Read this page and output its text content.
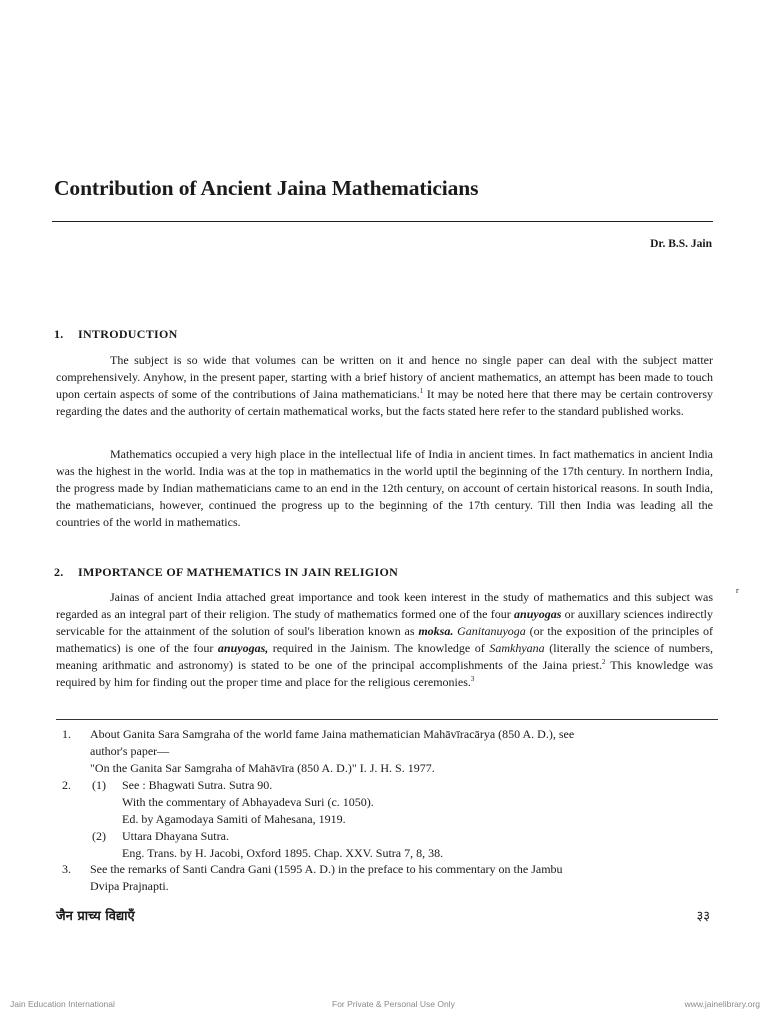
Contribution of Ancient Jaina Mathematicians
Dr. B.S. Jain
1. INTRODUCTION

The subject is so wide that volumes can be written on it and hence no single paper can deal with the subject matter comprehensively. Anyhow, in the present paper, starting with a brief history of ancient mathematics, an attempt has been made to touch upon certain aspects of some of the contributions of Jaina mathematicians.$^1$ It may be noted here that there may be certain controversy regarding the dates and the authority of certain mathematical works, but the facts stated here refer to the standard published works.

Mathematics occupied a very high place in the intellectual life of India in ancient times. In fact mathematics in ancient India was the highest in the world. India was at the top in mathematics in the world uptil the beginning of the 17th century. In northern India, the progress made by Indian mathematicians came to an end in the 12th century, on account of certain historical reasons. In south India, the mathematicians, however, continued the progress up to the beginning of the 17th century. Till then India was leading all the countries of the world in mathematics.

2. IMPORTANCE OF MATHEMATICS IN JAIN RELIGION

Jainas of ancient India attached great importance and took keen interest in the study of mathematics and this subject was regarded as an integral part of their religion. The study of mathematics formed one of the four anuyogas or auxillary sciences indirectly servicable for the attainment of the solution of soul's liberation known as moksa. Ganitanuyoga (or the exposition of the principles of mathematics) is one of the four anuyogas, required in the Jainism. The knowledge of Samkhyana (literally the science of numbers, meaning arithmatic and astronomy) is stated to be one of the principal accomplishments of the Jaina priest.$^2$ This knowledge was required by him for finding out the proper time and place for the religious ceremonies.$^3$

r
1. About Ganita Sara Samgraha of the world fame Jaina mathematician Mahāvīracārya (850 A. D.), see
author's paper—
"On the Ganita Sar Samgraha of Mahāvīra (850 A. D.)" I. J. H. S. 1977.
2. (1) See : Bhagwati Sutra. Sutra 90.
With the commentary of Abhayadeva Suri (c. 1050).
Ed. by Agamodaya Samiti of Mahesana, 1919.
(2) Uttara Dhayana Sutra.
Eng. Trans. by H. Jacobi, Oxford 1895. Chap. XXV. Sutra 7, 8, 38.
3. See the remarks of Santi Candra Gani (1595 A. D.) in the preface to his commentary on the Jambu
Dvipa Prajnapti.
जैन प्राच्य विद्याएँ	३३
Jain Education International	For Private & Personal Use Only	www.jainelibrary.org
